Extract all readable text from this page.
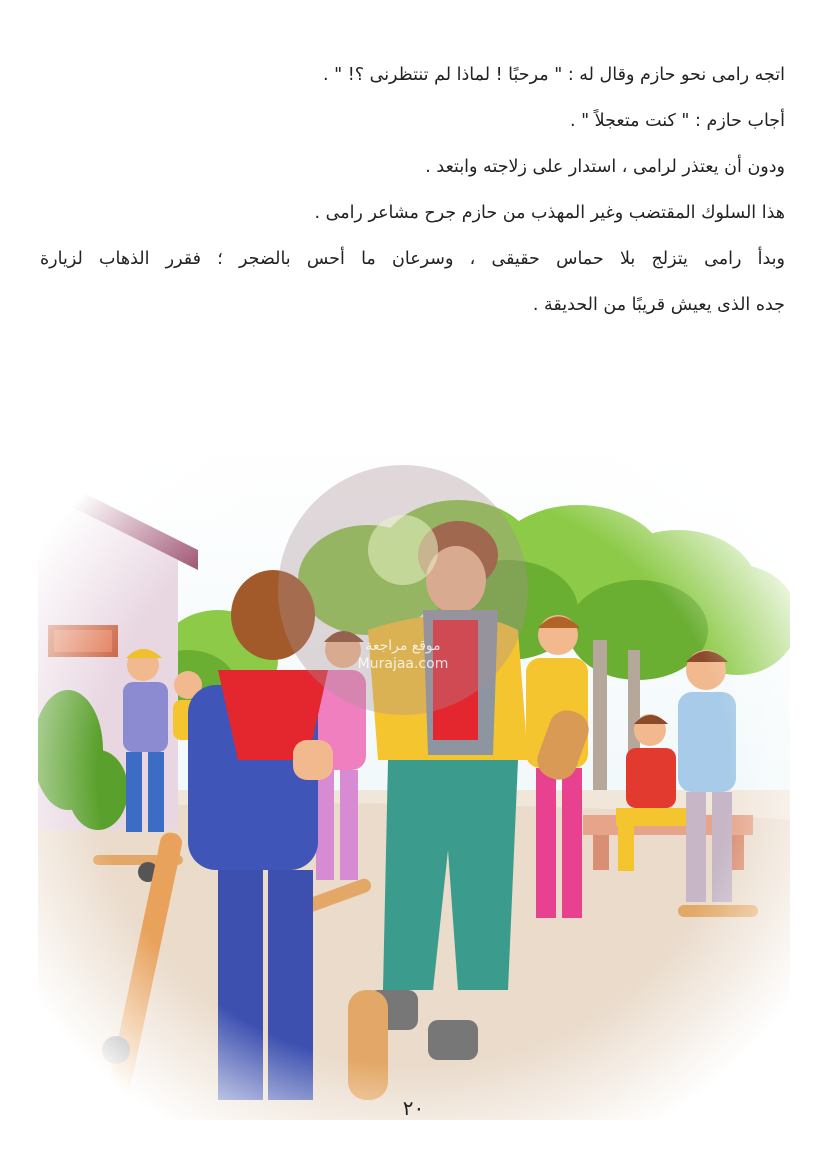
اتجه رامى نحو حازم وقال له : " مرحبًا ! لماذا لم تنتظرنى ؟! " .
أجاب حازم : " كنت متعجلاً " .
ودون أن يعتذر لرامى ، استدار على زلاجته وابتعد .
هذا السلوك المقتضب وغير المهذب من حازم جرح مشاعر رامى .
وبدأ رامى يتزلج بلا حماس حقيقى ، وسرعان ما أحس بالضجر ؛ فقرر الذهاب لزيارة
جده الذى يعيش قريبًا من الحديقة .
موقع مراجعة
Murajaa.com
٢٠
